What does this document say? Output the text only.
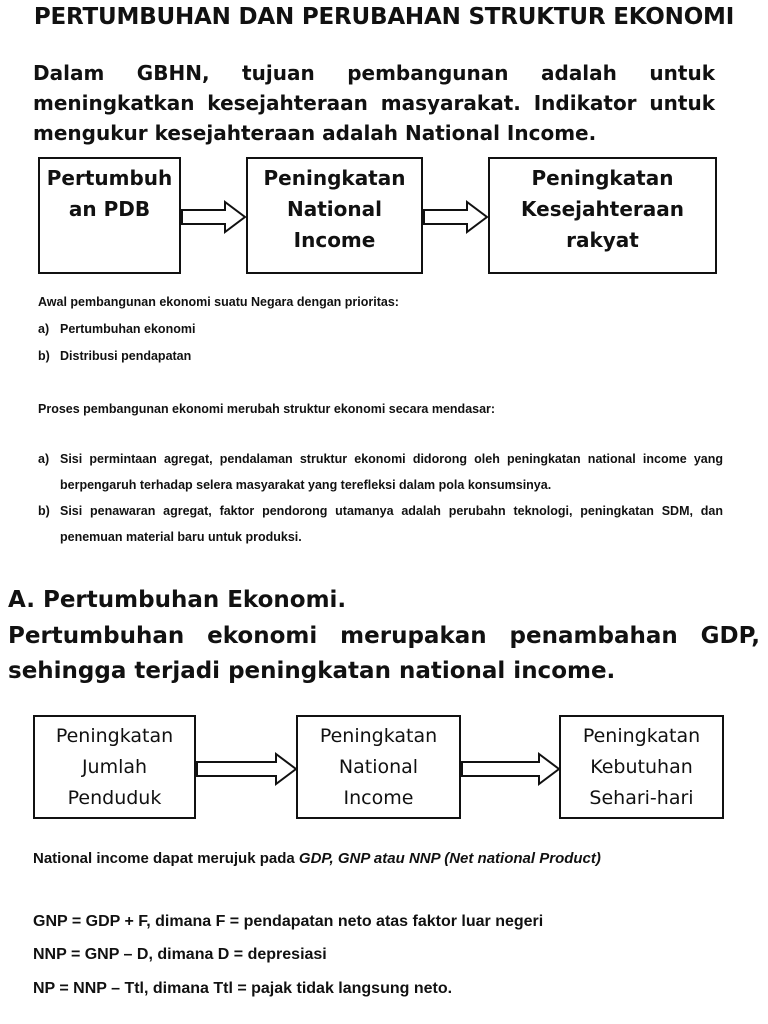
PERTUMBUHAN DAN PERUBAHAN STRUKTUR EKONOMI
Dalam GBHN, tujuan pembangunan adalah untuk meningkatkan kesejahteraan masyarakat. Indikator untuk mengukur kesejahteraan adalah National Income.
Pertumbuh
an PDB
Peningkatan
National
Income
Peningkatan
Kesejahteraan
rakyat
Awal pembangunan ekonomi suatu Negara dengan prioritas:
a) Pertumbuhan ekonomi
b) Distribusi pendapatan
Proses pembangunan ekonomi merubah struktur ekonomi secara mendasar:
a) Sisi permintaan agregat, pendalaman struktur ekonomi didorong oleh peningkatan national income yang berpengaruh terhadap selera masyarakat yang terefleksi dalam pola konsumsinya.
b) Sisi penawaran agregat, faktor pendorong utamanya adalah perubahn teknologi, peningkatan SDM, dan penemuan material baru untuk produksi.
A. Pertumbuhan Ekonomi.
Pertumbuhan ekonomi merupakan penambahan GDP, sehingga terjadi peningkatan national income.
Peningkatan
Jumlah
Penduduk
Peningkatan
National
Income
Peningkatan
Kebutuhan
Sehari-hari
National income dapat merujuk pada GDP, GNP atau NNP (Net national Product)
GNP = GDP + F, dimana F = pendapatan neto atas faktor luar negeri
NNP = GNP – D, dimana D = depresiasi
NP = NNP – Ttl, dimana Ttl = pajak tidak langsung neto.
